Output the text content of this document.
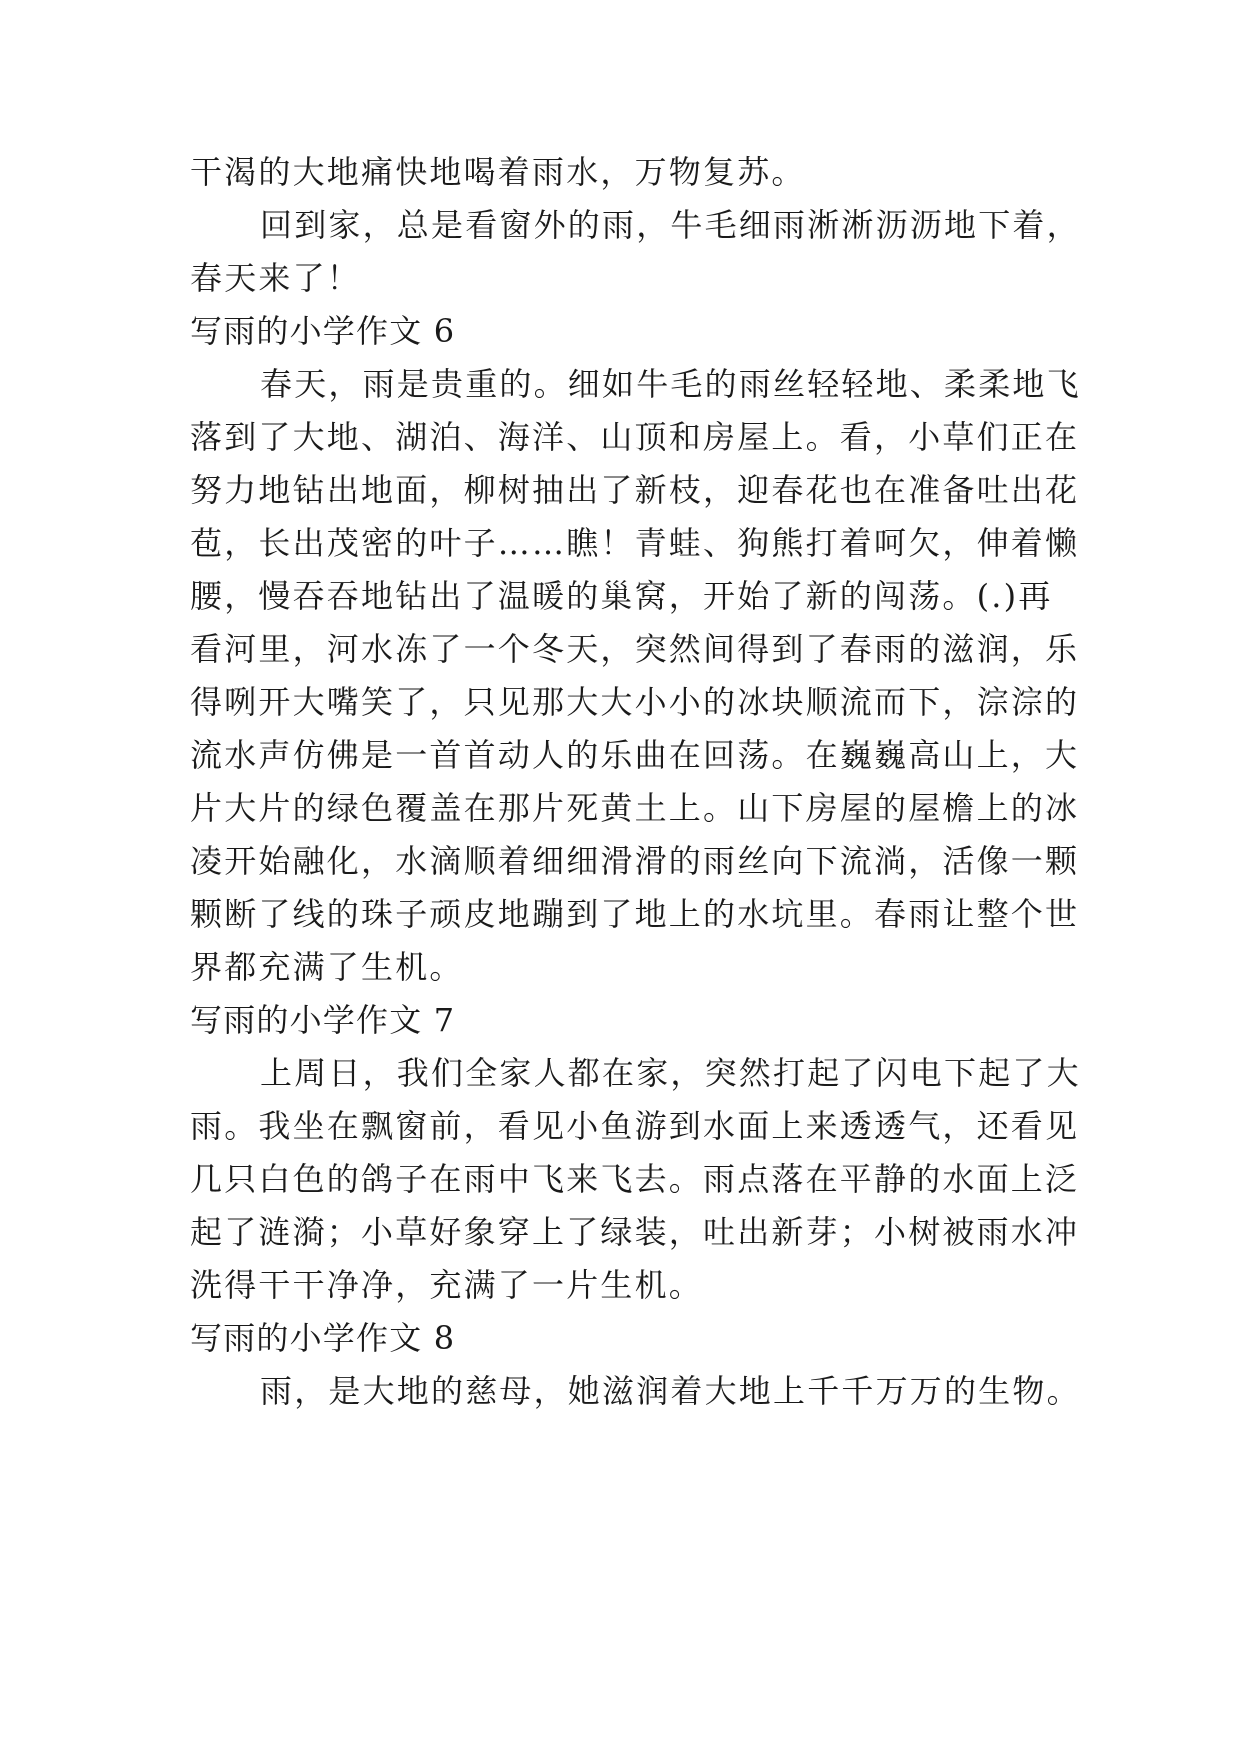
干渴的大地痛快地喝着雨水，万物复苏。
回到家，总是看窗外的雨，牛毛细雨淅淅沥沥地下着，
春天来了！
写雨的小学作文 6
春天，雨是贵重的。细如牛毛的雨丝轻轻地、柔柔地飞
落到了大地、湖泊、海洋、山顶和房屋上。看，小草们正在
努力地钻出地面，柳树抽出了新枝，迎春花也在准备吐出花
苞，长出茂密的叶子……瞧！青蛙、狗熊打着呵欠，伸着懒
腰，慢吞吞地钻出了温暖的巢窝，开始了新的闯荡。(.)再
看河里，河水冻了一个冬天，突然间得到了春雨的滋润，乐
得咧开大嘴笑了，只见那大大小小的冰块顺流而下，淙淙的
流水声仿佛是一首首动人的乐曲在回荡。在巍巍高山上，大
片大片的绿色覆盖在那片死黄土上。山下房屋的屋檐上的冰
凌开始融化，水滴顺着细细滑滑的雨丝向下流淌，活像一颗
颗断了线的珠子顽皮地蹦到了地上的水坑里。春雨让整个世
界都充满了生机。
写雨的小学作文 7
上周日，我们全家人都在家，突然打起了闪电下起了大
雨。我坐在飘窗前，看见小鱼游到水面上来透透气，还看见
几只白色的鸽子在雨中飞来飞去。雨点落在平静的水面上泛
起了涟漪；小草好象穿上了绿装，吐出新芽；小树被雨水冲
洗得干干净净，充满了一片生机。
写雨的小学作文 8
雨，是大地的慈母，她滋润着大地上千千万万的生物。
